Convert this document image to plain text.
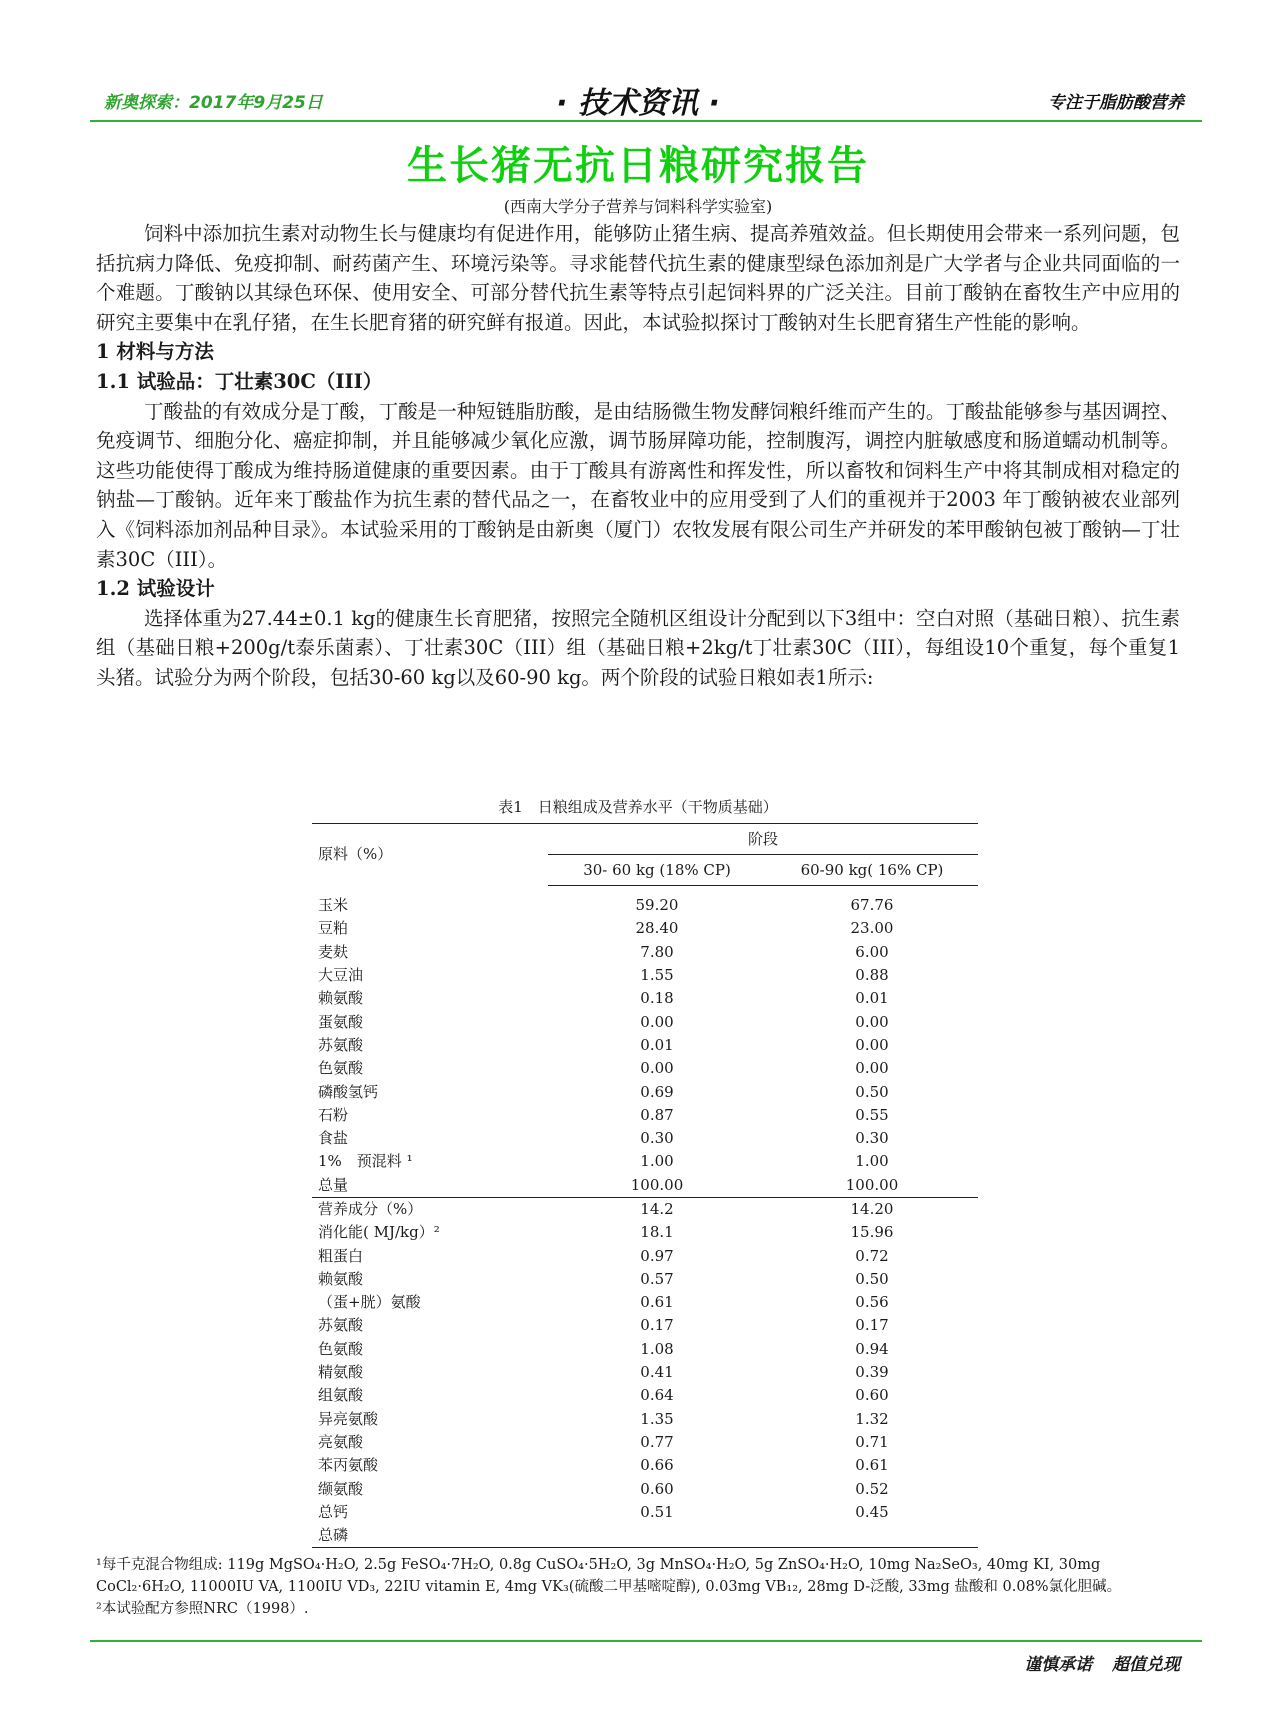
新奥探索：2017年9月25日	· 技术资讯 ·	专注于脂肪酸营养
生长猪无抗日粮研究报告
(西南大学分子营养与饲料科学实验室)

饲料中添加抗生素对动物生长与健康均有促进作用，能够防止猪生病、提高养殖效益。但长期使用会带来一系列问题，包括抗病力降低、免疫抑制、耐药菌产生、环境污染等。寻求能替代抗生素的健康型绿色添加剂是广大学者与企业共同面临的一个难题。丁酸钠以其绿色环保、使用安全、可部分替代抗生素等特点引起饲料界的广泛关注。目前丁酸钠在畜牧生产中应用的研究主要集中在乳仔猪，在生长肥育猪的研究鲜有报道。因此，本试验拟探讨丁酸钠对生长肥育猪生产性能的影响。

1 材料与方法
1.1 试验品：丁壮素30C（III）

丁酸盐的有效成分是丁酸，丁酸是一种短链脂肪酸，是由结肠微生物发酵饲粮纤维而产生的。丁酸盐能够参与基因调控、免疫调节、细胞分化、癌症抑制，并且能够减少氧化应激，调节肠屏障功能，控制腹泻，调控内脏敏感度和肠道蠕动机制等。这些功能使得丁酸成为维持肠道健康的重要因素。由于丁酸具有游离性和挥发性，所以畜牧和饲料生产中将其制成相对稳定的钠盐—丁酸钠。近年来丁酸盐作为抗生素的替代品之一，在畜牧业中的应用受到了人们的重视并于2003 年丁酸钠被农业部列入《饲料添加剂品种目录》。本试验采用的丁酸钠是由新奥（厦门）农牧发展有限公司生产并研发的苯甲酸钠包被丁酸钠—丁壮素30C（III）。

1.2 试验设计

选择体重为27.44±0.1 kg的健康生长育肥猪，按照完全随机区组设计分配到以下3组中：空白对照（基础日粮）、抗生素组（基础日粮+200g/t泰乐菌素）、丁壮素30C（III）组（基础日粮+2kg/t丁壮素30C（III），每组设10个重复，每个重复1头猪。试验分为两个阶段，包括30-60 kg以及60-90 kg。两个阶段的试验日粮如表1所示:

表1　日粮组成及营养水平（干物质基础）
原料（%）	阶段	
	30- 60 kg (18% CP)	60-90 kg( 16% CP)

玉米	59.20	67.76
豆粕	28.40	23.00
麦麸	7.80	6.00
大豆油	1.55	0.88
赖氨酸	0.18	0.01
蛋氨酸	0.00	0.00
苏氨酸	0.01	0.00
色氨酸	0.00	0.00
磷酸氢钙	0.69	0.50
石粉	0.87	0.55
食盐	0.30	0.30
1%　预混料 ¹	1.00	1.00
总量	100.00	100.00
营养成分（%）	14.2	14.20
消化能( MJ/kg）²	18.1	15.96
粗蛋白	0.97	0.72
赖氨酸	0.57	0.50
（蛋+胱）氨酸	0.61	0.56
苏氨酸	0.17	0.17
色氨酸	1.08	0.94
精氨酸	0.41	0.39
组氨酸	0.64	0.60
异亮氨酸	1.35	1.32
亮氨酸	0.77	0.71
苯丙氨酸	0.66	0.61
缬氨酸	0.60	0.52
总钙	0.51	0.45
总磷		

¹每千克混合物组成: 119g MgSO₄·H₂O, 2.5g FeSO₄·7H₂O, 0.8g CuSO₄·5H₂O, 3g MnSO₄·H₂O, 5g ZnSO₄·H₂O, 10mg Na₂SeO₃, 40mg KI, 30mg CoCl₂·6H₂O, 11000IU VA, 1100IU VD₃, 22IU vitamin E, 4mg VK₃(硫酸二甲基嘧啶醇), 0.03mg VB₁₂, 28mg D-泛酸, 33mg 盐酸和 0.08%氯化胆碱。

²本试验配方参照NRC（1998）.

谨慎承诺 超值兑现
